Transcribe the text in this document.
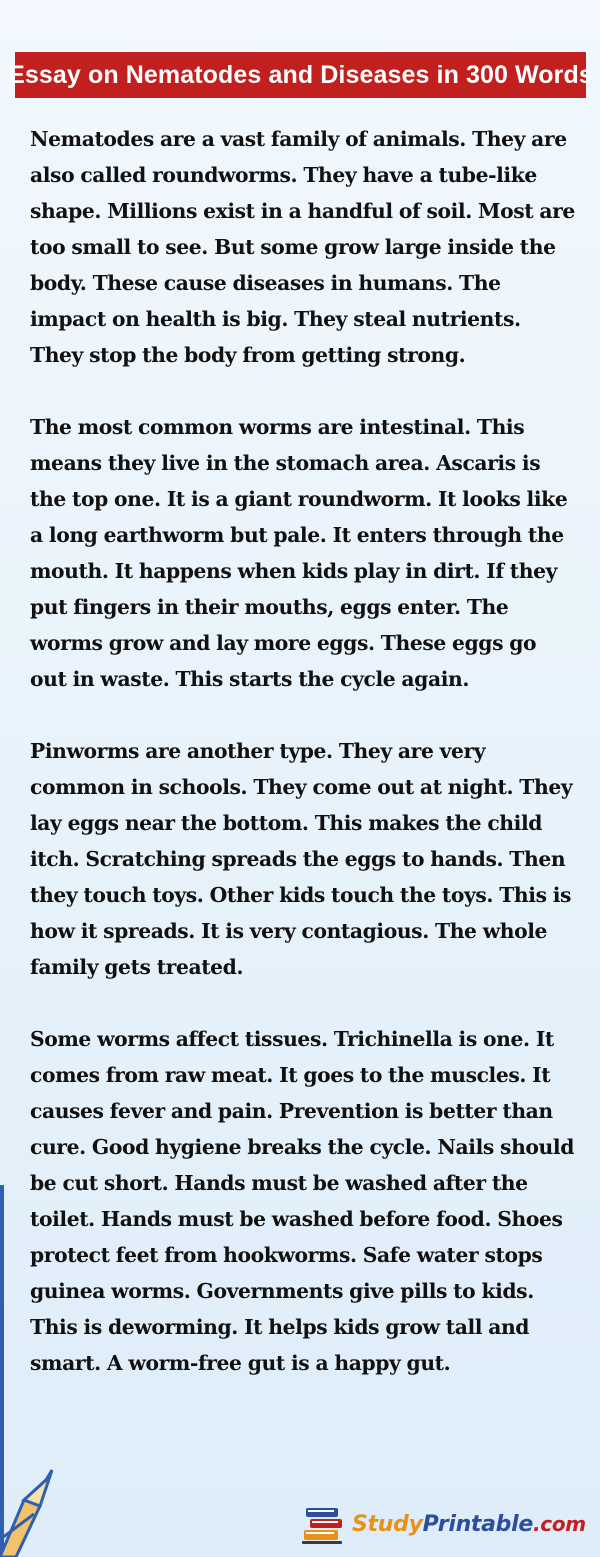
Essay on Nematodes and Diseases in 300 Words

Nematodes are a vast family of animals. They are also called roundworms. They have a tube-like shape. Millions exist in a handful of soil. Most are too small to see. But some grow large inside the body. These cause diseases in humans. The impact on health is big. They steal nutrients. They stop the body from getting strong.

The most common worms are intestinal. This means they live in the stomach area. Ascaris is the top one. It is a giant roundworm. It looks like a long earthworm but pale. It enters through the mouth. It happens when kids play in dirt. If they put fingers in their mouths, eggs enter. The worms grow and lay more eggs. These eggs go out in waste. This starts the cycle again.

Pinworms are another type. They are very common in schools. They come out at night. They lay eggs near the bottom. This makes the child itch. Scratching spreads the eggs to hands. Then they touch toys. Other kids touch the toys. This is how it spreads. It is very contagious. The whole family gets treated.

Some worms affect tissues. Trichinella is one. It comes from raw meat. It goes to the muscles. It causes fever and pain. Prevention is better than cure. Good hygiene breaks the cycle. Nails should be cut short. Hands must be washed after the toilet. Hands must be washed before food. Shoes protect feet from hookworms. Safe water stops guinea worms. Governments give pills to kids. This is deworming. It helps kids grow tall and smart. A worm-free gut is a happy gut.

StudyPrintable.com
